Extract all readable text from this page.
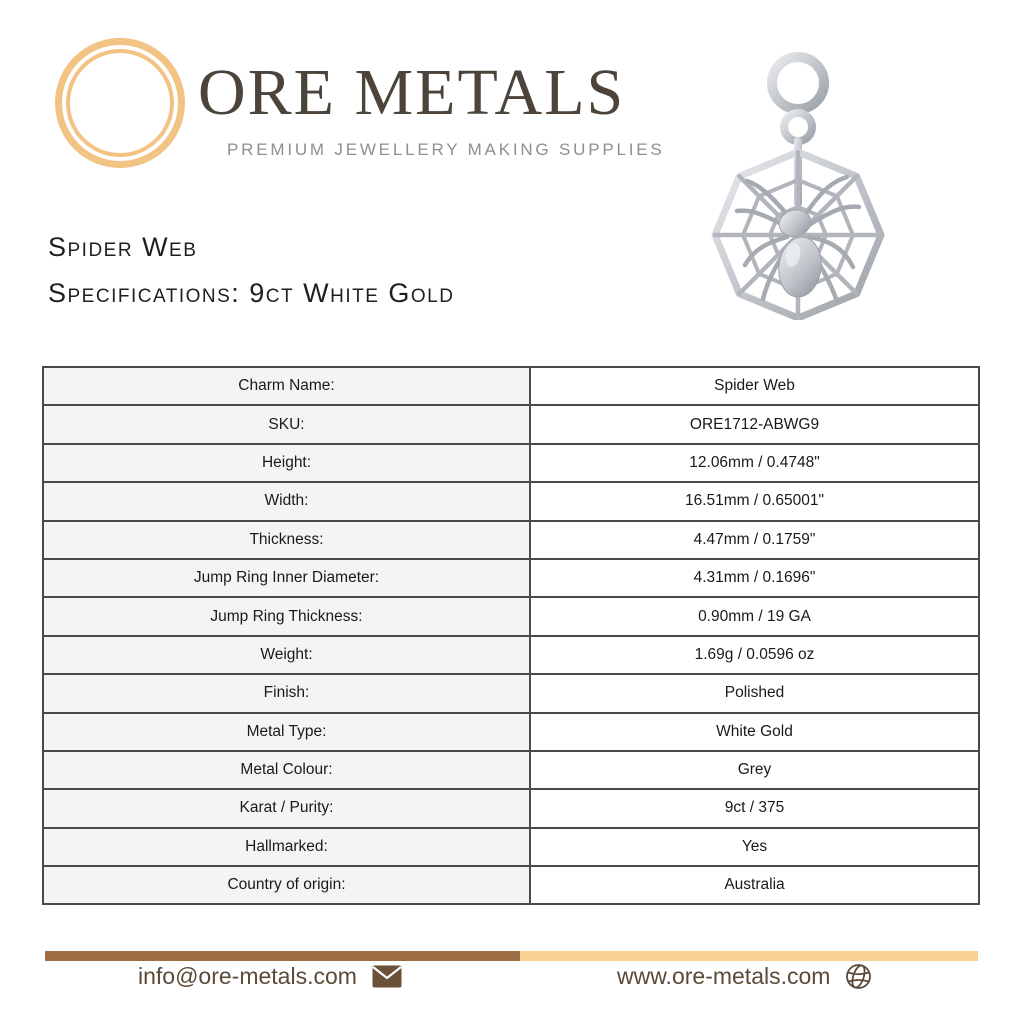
ORE METALS
PREMIUM JEWELLERY MAKING SUPPLIES
Spider Web
Specifications: 9ct White Gold
Charm Name:	Spider Web
SKU:	ORE1712-ABWG9
Height:	12.06mm / 0.4748"
Width:	16.51mm / 0.65001"
Thickness:	4.47mm / 0.1759"
Jump Ring Inner Diameter:	4.31mm / 0.1696"
Jump Ring Thickness:	0.90mm / 19 GA
Weight:	1.69g / 0.0596 oz
Finish:	Polished
Metal Type:	White Gold
Metal Colour:	Grey
Karat / Purity:	9ct / 375
Hallmarked:	Yes
Country of origin:	Australia
info@ore-metals.com	www.ore-metals.com
